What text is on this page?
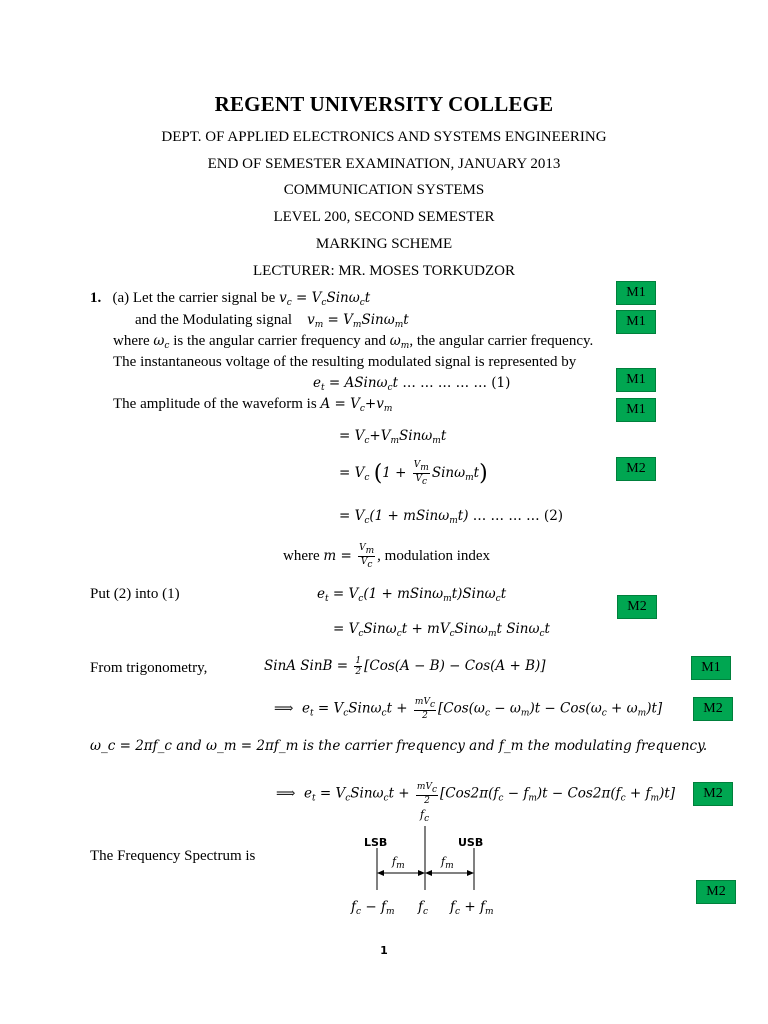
REGENT UNIVERSITY COLLEGE
DEPT. OF APPLIED ELECTRONICS AND SYSTEMS ENGINEERING
END OF SEMESTER EXAMINATION, JANUARY 2013
COMMUNICATION SYSTEMS
LEVEL 200, SECOND SEMESTER
MARKING SCHEME
LECTURER: MR. MOSES TORKUDZOR
1. (a) Let the carrier signal be $v_c = V_cSin\omega_ct$
and the Modulating signal $v_m = V_mSin\omega_mt$
where $\omega_c$ is the angular carrier frequency and $\omega_m$, the angular carrier frequency.
The instantaneous voltage of the resulting modulated signal is represented by
$e_t$ = ASinω$_c$t … … … … … (1)
The amplitude of the waveform is $A = V_c+v_m$
= $V_c+V_mSin\omega_mt$
= $V_c$ $(1 + \frac{V_m}{V_c} Sin\omega_mt)$
= $V_c(1$ + mSinω$_m$t) … … … … (2)
where $m = \frac{V_m}{V_c}$ , modulation index
Put (2) into (1)	$e_t = V_c(1$ + mSinω$_m$t)Sinω$_c$t
= $V_cSin\omega_ct + mV_cSin\omega_mt$ Sinω$_c$t
From trigonometry,	SinA SinB = $\frac{1}{2} [Cos(A - B) - Cos(A + B)]$
⟹  $e_t = V_cSin\omega_ct + \frac{mV_c}{2} [Cos(\omega_c - \omega_m)t - Cos(\omega_c + \omega_m)t]$
ω_c = 2πf_c and ω_m = 2πf_m is the carrier frequency and f_m the modulating frequency.
⟹  $e_t = V_cSin\omega_ct + \frac{mV_c}{2} [Cos2\pi(f_c - f_m)t - Cos2\pi(f_c + f_m)t]$
The Frequency Spectrum is
$f_c$
LSB	USB
$f_m$	$f_m$
$f_c - f_m$ $f_c$ $f_c + f_m$
M1
M1
M1
M1
M2
M2
M1
M2
M2
M2
1
